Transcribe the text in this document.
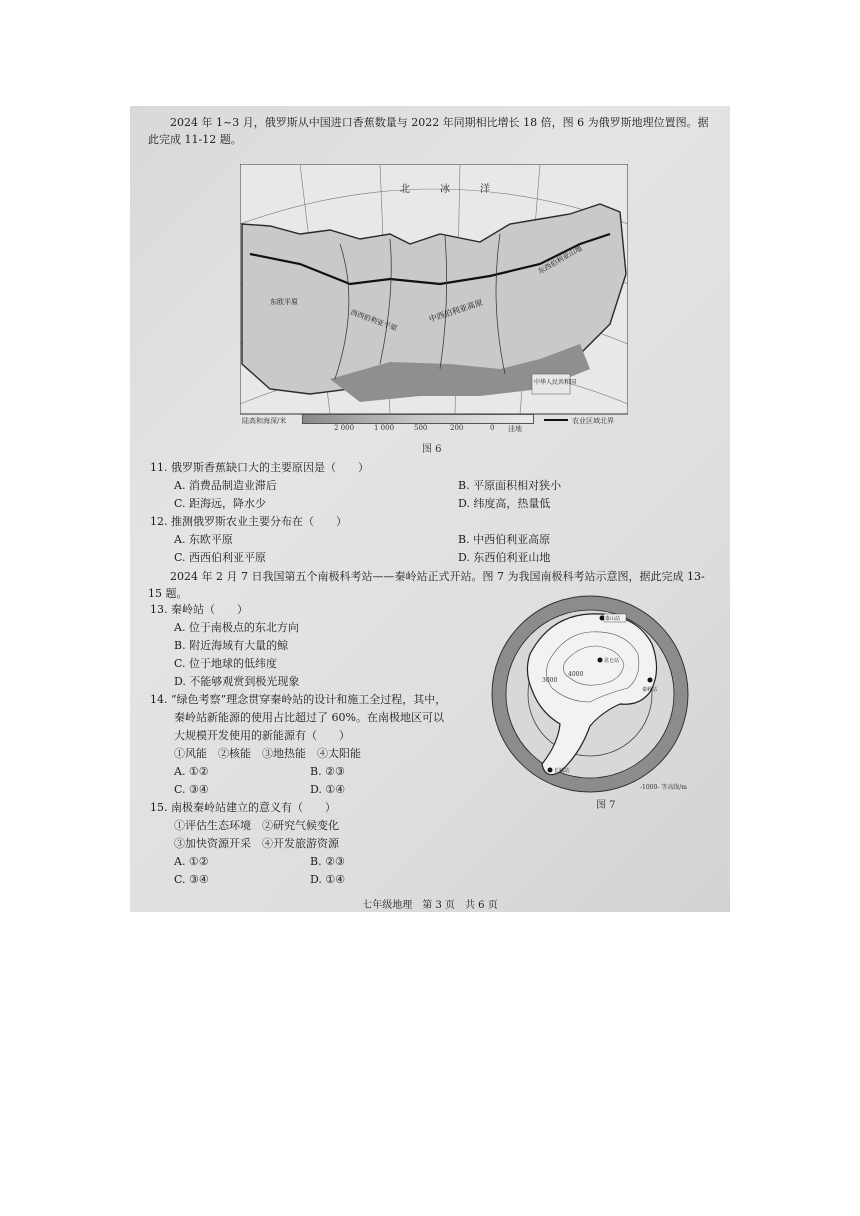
2024 年 1~3 月，俄罗斯从中国进口香蕉数量与 2022 年同期相比增长 18 倍，图 6 为俄罗斯地理位置图。据此完成 11-12 题。
北	冰	洋
中西伯利亚高原
西西伯利亚平原
东欧平原
东西伯利亚山地
中华人民共和国
陆高和海深/米
2 000	1 000	500	200	0 洼地
农业区域北界
图 6
11. 俄罗斯香蕉缺口大的主要原因是（　　）
A. 消费品制造业滞后	B. 平原面积相对狭小
C. 距海远，降水少	D. 纬度高，热量低
12. 推测俄罗斯农业主要分布在（　　）
A. 东欧平原	B. 中西伯利亚高原
C. 西西伯利亚平原	D. 东西伯利亚山地
2024 年 2 月 7 日我国第五个南极科考站——秦岭站正式开站。图 7 为我国南极科考站示意图，据此完成 13-15 题。
13. 秦岭站（　　）
A. 位于南极点的东北方向
B. 附近海域有大量的鲸
C. 位于地球的低纬度
D. 不能够观赏到极光现象
14. “绿色考察”理念贯穿秦岭站的设计和施工全过程，其中，
秦岭站新能源的使用占比超过了 60%。在南极地区可以
大规模开发使用的新能源有（　　）
①风能　②核能　③地热能　④太阳能
A. ①②	B. ②③
C. ③④	D. ①④
15. 南极秦岭站建立的意义有（　　）
①评估生态环境　②研究气候变化
③加快资源开采　④开发旅游资源
A. ①②	B. ②③
C. ③④	D. ①④
3000
4000
泰山站
昆仑站
长城站
秦岭站
图 7
-1000- 等高线/m
七年级地理　第 3 页　共 6 页
